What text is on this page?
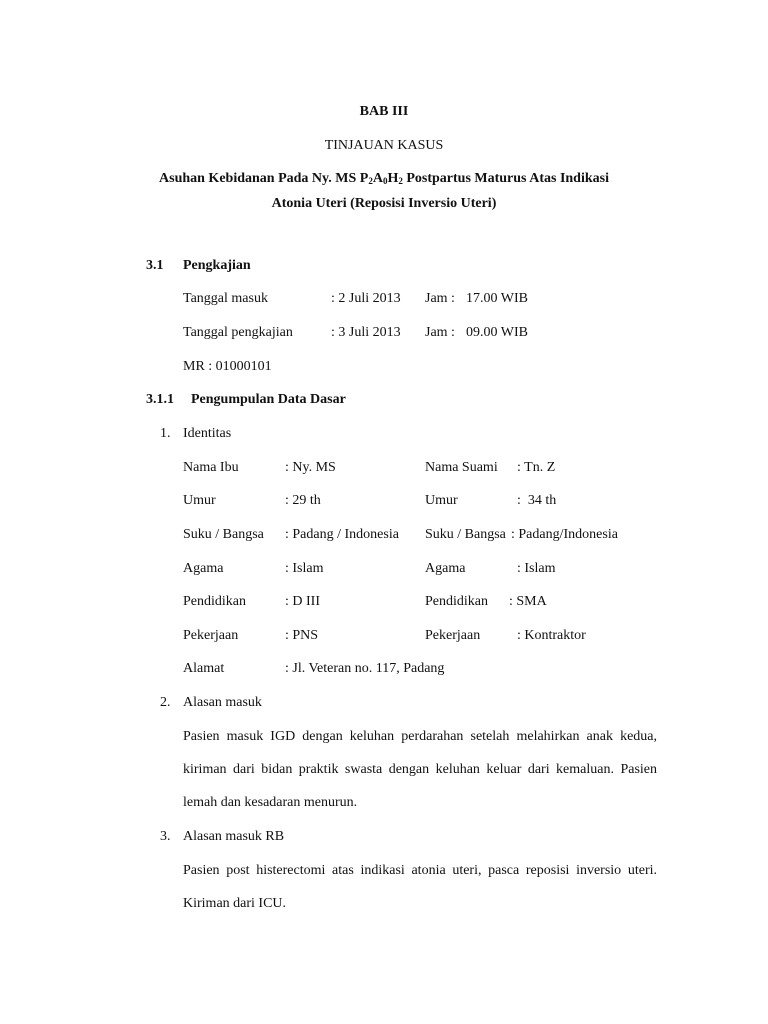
BAB III
TINJAUAN KASUS
Asuhan Kebidanan Pada Ny. MS $P_2A_0H_2$ Postpartus Maturus Atas Indikasi
Atonia Uteri (Reposisi Inversio Uteri)
3.1 Pengkajian
Tanggal masuk	: 2 Juli 2013 Jam : 17.00 WIB
Tanggal pengkajian	: 3 Juli 2013 Jam : 09.00 WIB
MR : 01000101
3.1.1 Pengumpulan Data Dasar
1. Identitas
Nama Ibu	: Ny. MS	Nama Suami : Tn. Z
Umur	: 29 th	Umur	:  34 th
Suku / Bangsa : Padang / Indonesia Suku / Bangsa : Padang/Indonesia
Agama	: Islam	Agama	: Islam
Pendidikan	: D III	Pendidikan : SMA
Pekerjaan	: PNS	Pekerjaan	: Kontraktor
Alamat	: Jl. Veteran no. 117, Padang
2. Alasan masuk
Pasien masuk IGD dengan keluhan perdarahan setelah melahirkan anak kedua, kiriman dari bidan praktik swasta dengan keluhan keluar dari kemaluan. Pasien lemah dan kesadaran menurun.
3. Alasan masuk RB
Pasien post histerectomi atas indikasi atonia uteri, pasca reposisi inversio uteri. Kiriman dari ICU.
